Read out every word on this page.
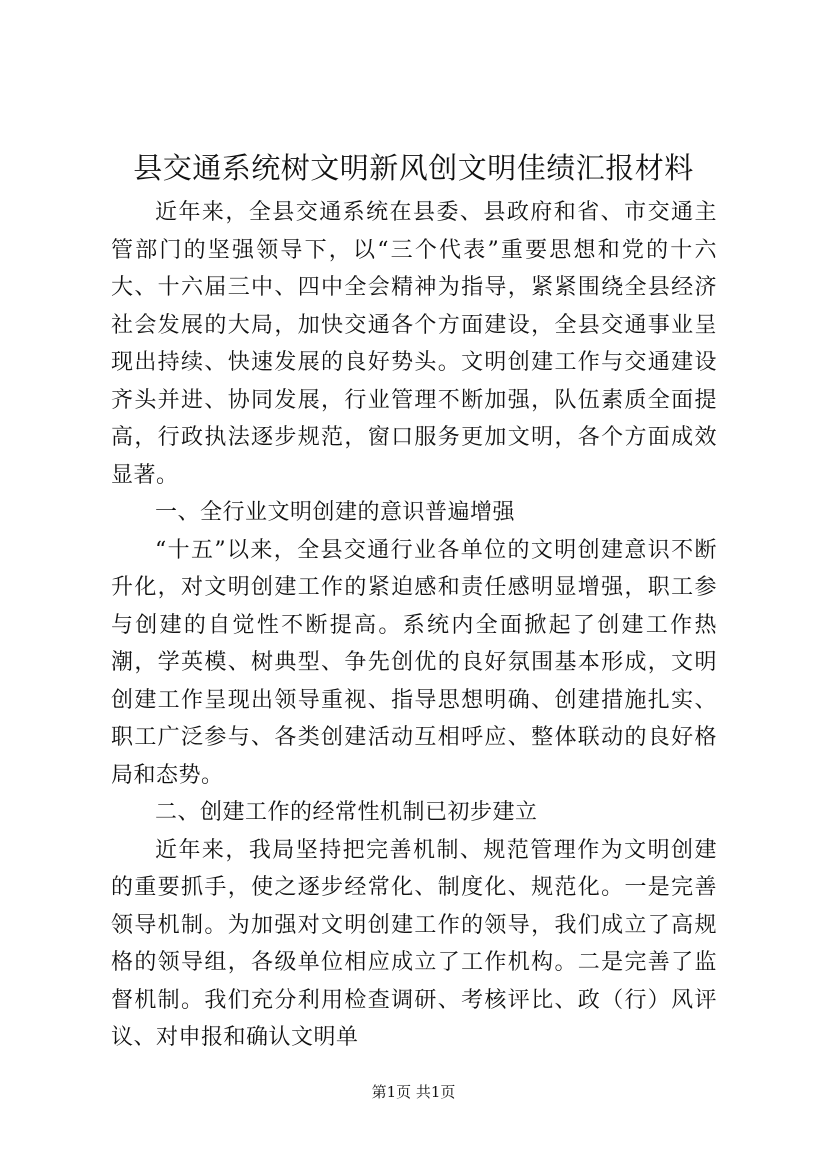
县交通系统树文明新风创文明佳绩汇报材料

近年来，全县交通系统在县委、县政府和省、市交通主管部门的坚强领导下，以“三个代表”重要思想和党的十六大、十六届三中、四中全会精神为指导，紧紧围绕全县经济社会发展的大局，加快交通各个方面建设，全县交通事业呈现出持续、快速发展的良好势头。文明创建工作与交通建设齐头并进、协同发展，行业管理不断加强，队伍素质全面提高，行政执法逐步规范，窗口服务更加文明，各个方面成效显著。

一、全行业文明创建的意识普遍增强

“十五”以来，全县交通行业各单位的文明创建意识不断升化，对文明创建工作的紧迫感和责任感明显增强，职工参与创建的自觉性不断提高。系统内全面掀起了创建工作热潮，学英模、树典型、争先创优的良好氛围基本形成，文明创建工作呈现出领导重视、指导思想明确、创建措施扎实、职工广泛参与、各类创建活动互相呼应、整体联动的良好格局和态势。

二、创建工作的经常性机制已初步建立

近年来，我局坚持把完善机制、规范管理作为文明创建的重要抓手，使之逐步经常化、制度化、规范化。一是完善领导机制。为加强对文明创建工作的领导，我们成立了高规格的领导组，各级单位相应成立了工作机构。二是完善了监督机制。我们充分利用检查调研、考核评比、政（行）风评议、对申报和确认文明单

第1页 共1页
